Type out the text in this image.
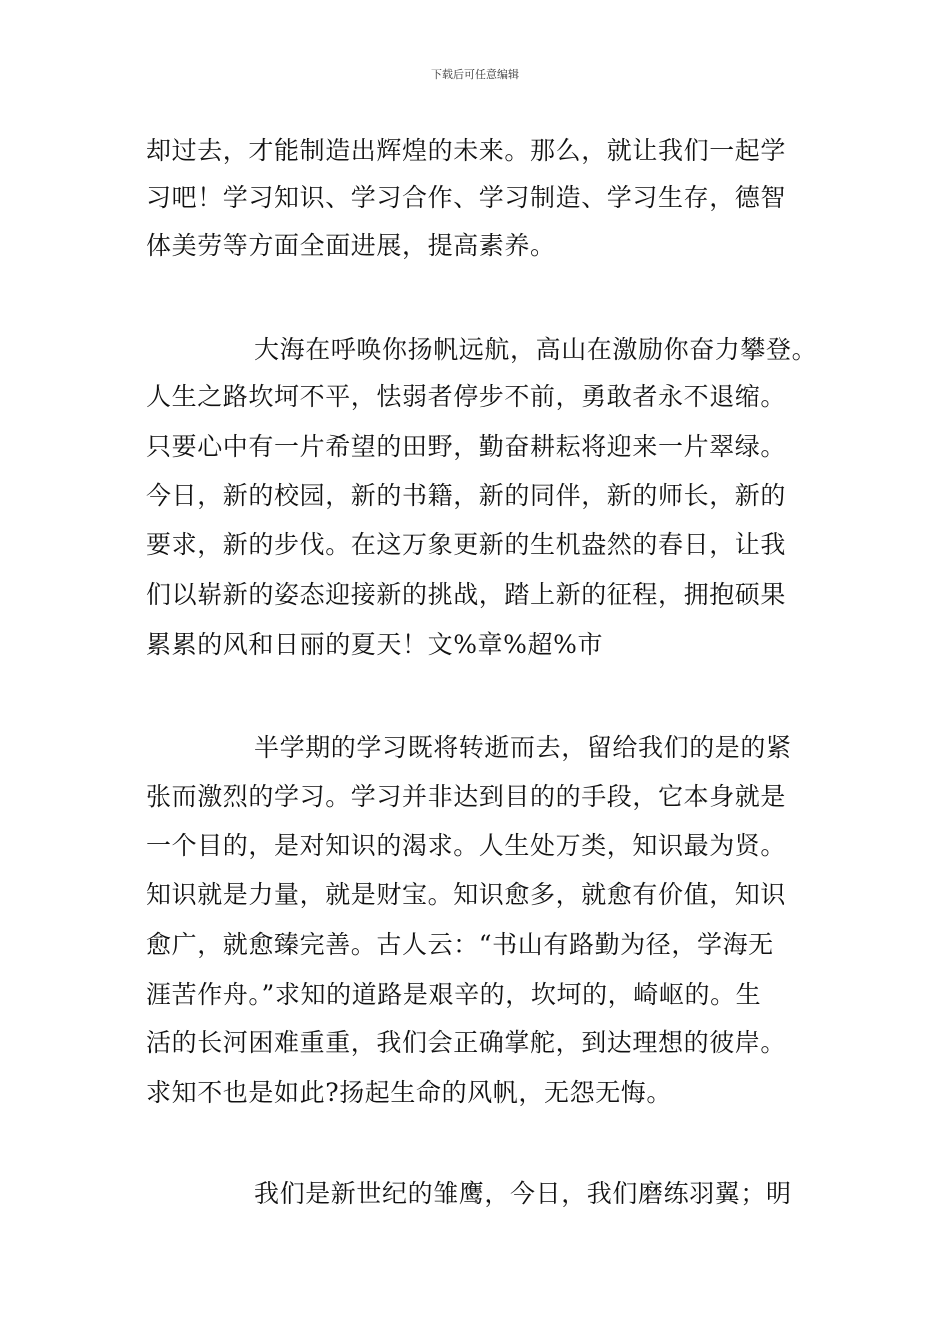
下载后可任意编辑
却过去，才能制造出辉煌的未来。那么，就让我们一起学
习吧！学习知识、学习合作、学习制造、学习生存，德智
体美劳等方面全面进展，提高素养。
大海在呼唤你扬帆远航，高山在激励你奋力攀登。
人生之路坎坷不平，怯弱者停步不前，勇敢者永不退缩。
只要心中有一片希望的田野，勤奋耕耘将迎来一片翠绿。
今日，新的校园，新的书籍，新的同伴，新的师长，新的
要求，新的步伐。在这万象更新的生机盎然的春日，让我
们以崭新的姿态迎接新的挑战，踏上新的征程，拥抱硕果
累累的风和日丽的夏天！文%章%超%市
半学期的学习既将转逝而去，留给我们的是的紧
张而激烈的学习。学习并非达到目的的手段，它本身就是
一个目的，是对知识的渴求。人生处万类，知识最为贤。
知识就是力量，就是财宝。知识愈多，就愈有价值，知识
愈广，就愈臻完善。古人云：“书山有路勤为径，学海无
涯苦作舟。”求知的道路是艰辛的，坎坷的，崎岖的。生
活的长河困难重重，我们会正确掌舵，到达理想的彼岸。
求知不也是如此?扬起生命的风帆，无怨无悔。
我们是新世纪的雏鹰，今日，我们磨练羽翼；明
